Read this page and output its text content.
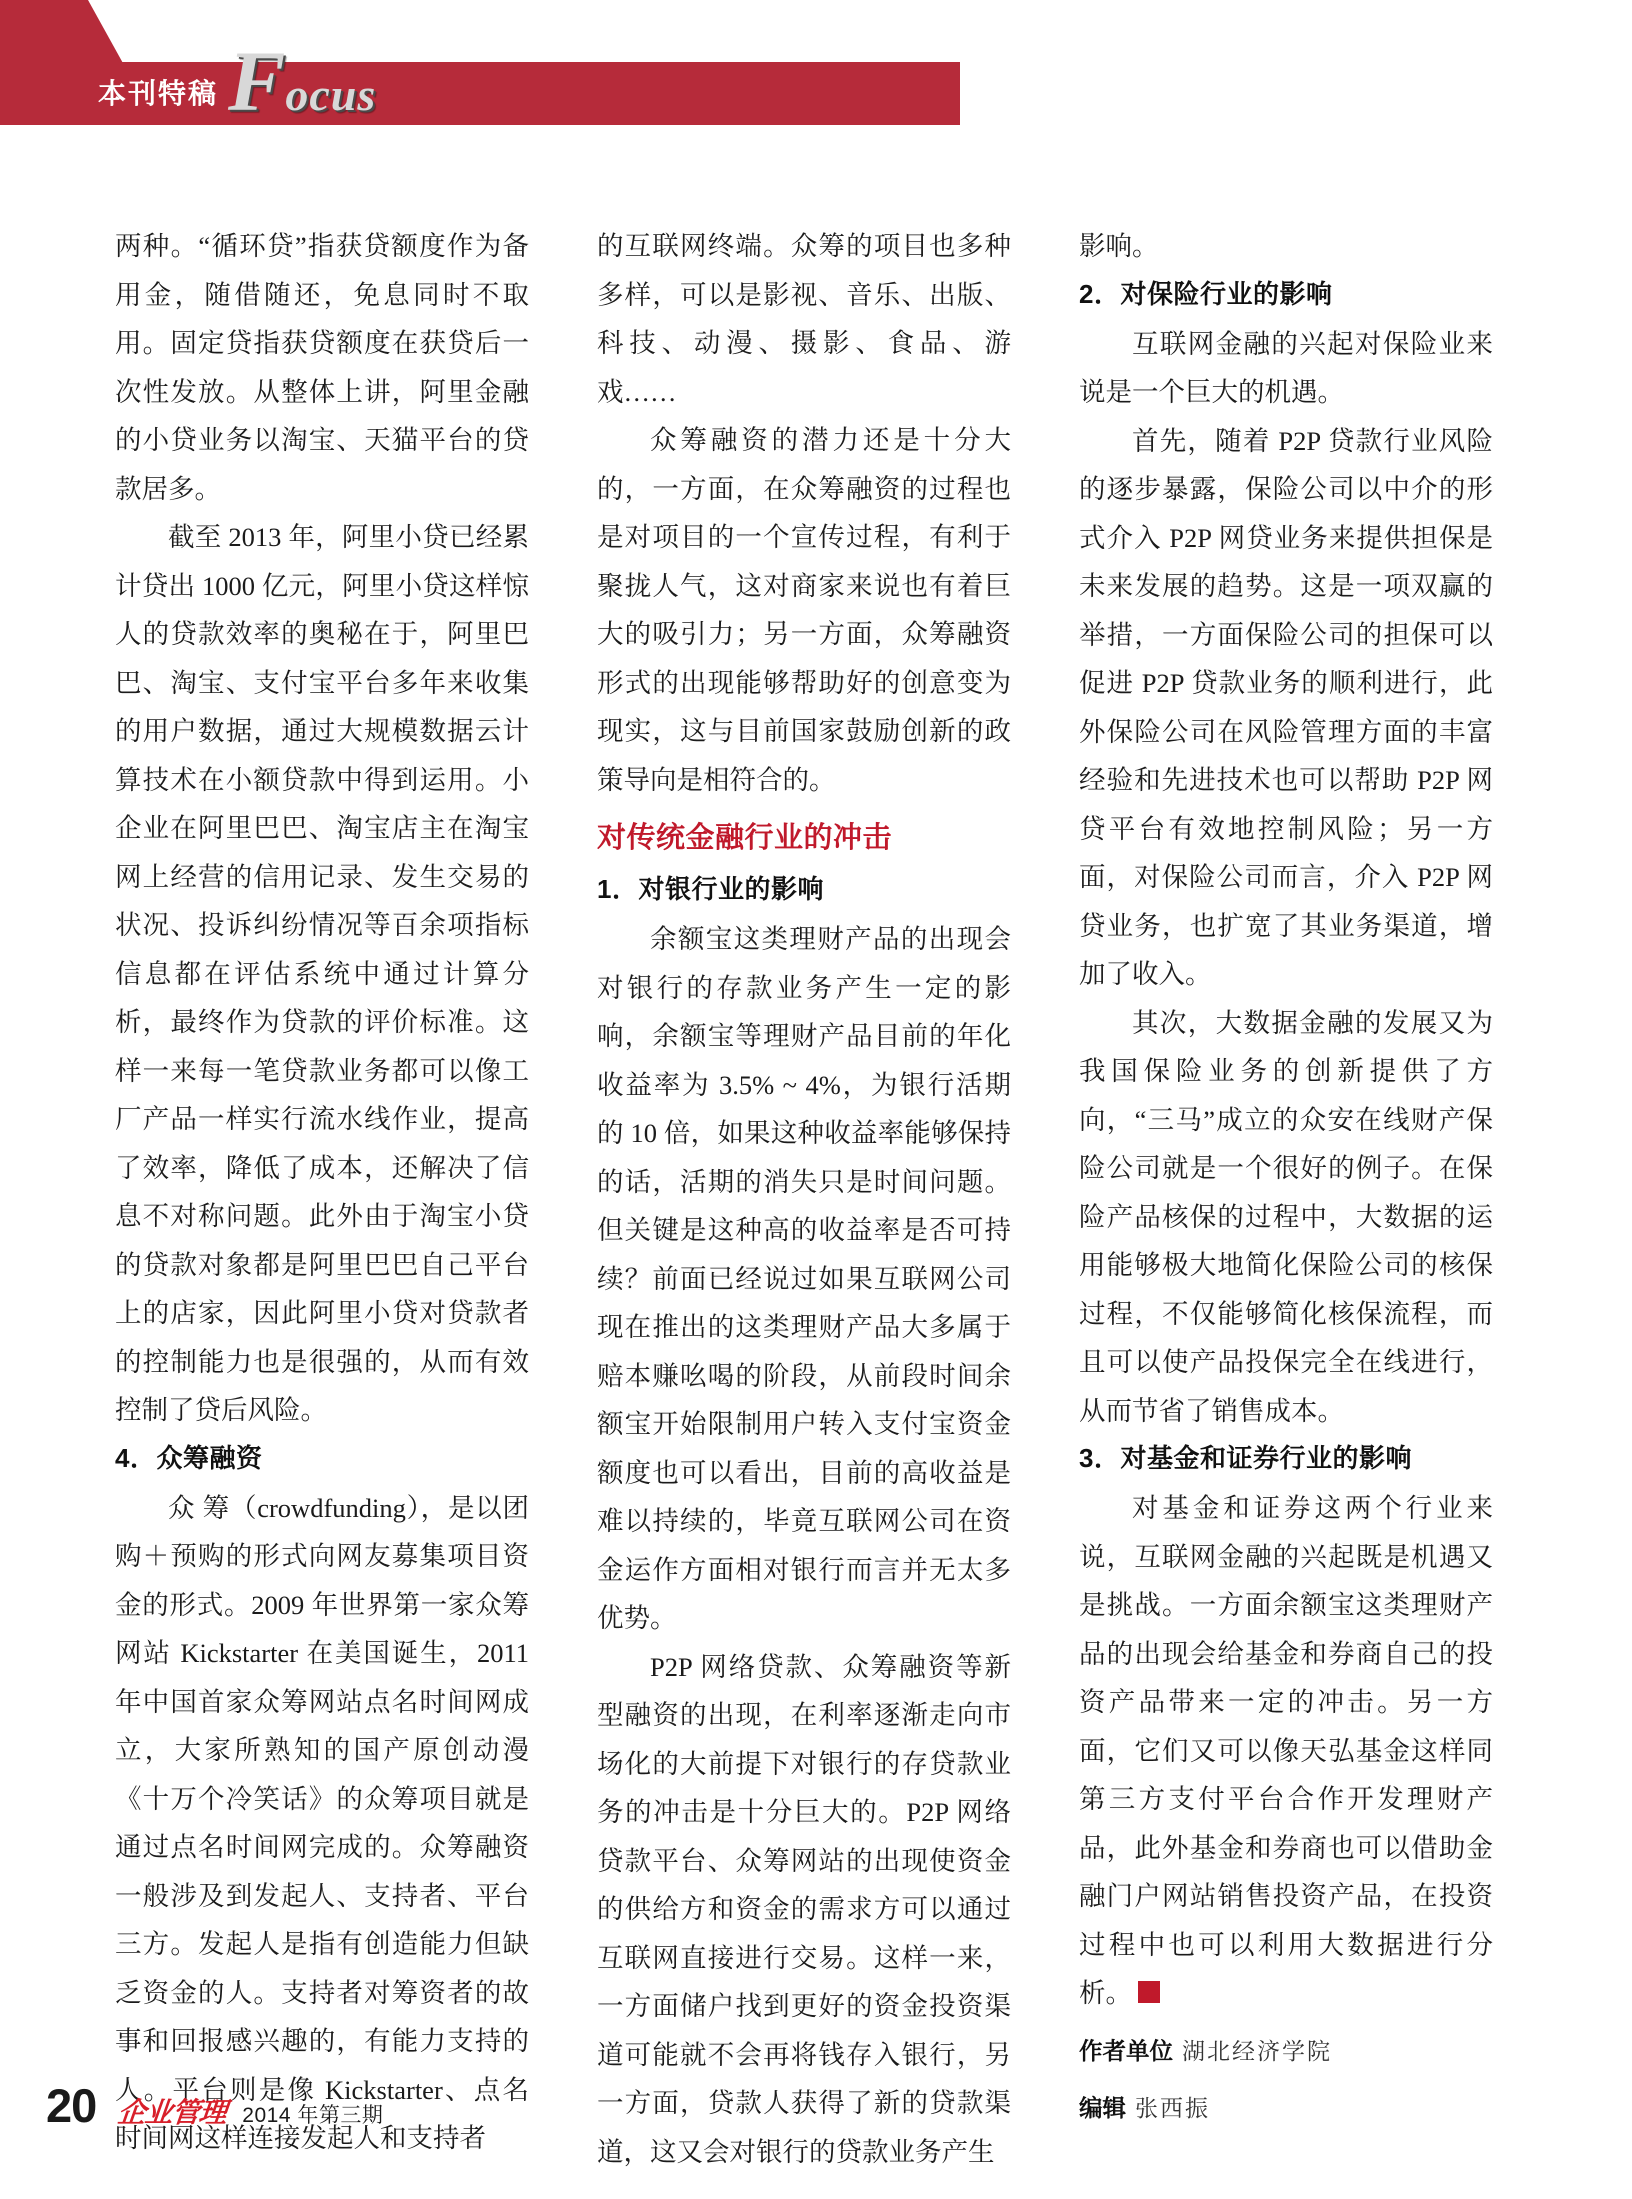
本刊特稿 Focus

两种。“循环贷”指获贷额度作为备用金，随借随还，免息同时不取用。固定贷指获贷额度在获贷后一次性发放。从整体上讲，阿里金融的小贷业务以淘宝、天猫平台的贷款居多。

截至 2013 年，阿里小贷已经累计贷出 1000 亿元，阿里小贷这样惊人的贷款效率的奥秘在于，阿里巴巴、淘宝、支付宝平台多年来收集的用户数据，通过大规模数据云计算技术在小额贷款中得到运用。小企业在阿里巴巴、淘宝店主在淘宝网上经营的信用记录、发生交易的状况、投诉纠纷情况等百余项指标信息都在评估系统中通过计算分析，最终作为贷款的评价标准。这样一来每一笔贷款业务都可以像工厂产品一样实行流水线作业，提高了效率，降低了成本，还解决了信息不对称问题。此外由于淘宝小贷的贷款对象都是阿里巴巴自己平台上的店家，因此阿里小贷对贷款者的控制能力也是很强的，从而有效控制了贷后风险。

4．众筹融资

众 筹（crowdfunding），是以团购＋预购的形式向网友募集项目资金的形式。2009 年世界第一家众筹网站 Kickstarter 在美国诞生，2011 年中国首家众筹网站点名时间网成立，大家所熟知的国产原创动漫《十万个冷笑话》的众筹项目就是通过点名时间网完成的。众筹融资一般涉及到发起人、支持者、平台三方。发起人是指有创造能力但缺乏资金的人。支持者对筹资者的故事和回报感兴趣的，有能力支持的人。平台则是像 Kickstarter、点名时间网这样连接发起人和支持者

的互联网终端。众筹的项目也多种多样，可以是影视、音乐、出版、科技、动漫、摄影、食品、游戏……

众筹融资的潜力还是十分大的，一方面，在众筹融资的过程也是对项目的一个宣传过程，有利于聚拢人气，这对商家来说也有着巨大的吸引力；另一方面，众筹融资形式的出现能够帮助好的创意变为现实，这与目前国家鼓励创新的政策导向是相符合的。

对传统金融行业的冲击
1．对银行业的影响

余额宝这类理财产品的出现会对银行的存款业务产生一定的影响，余额宝等理财产品目前的年化收益率为 3.5% ~ 4%，为银行活期的 10 倍，如果这种收益率能够保持的话，活期的消失只是时间问题。但关键是这种高的收益率是否可持续？前面已经说过如果互联网公司现在推出的这类理财产品大多属于赔本赚吆喝的阶段，从前段时间余额宝开始限制用户转入支付宝资金额度也可以看出，目前的高收益是难以持续的，毕竟互联网公司在资金运作方面相对银行而言并无太多优势。

P2P 网络贷款、众筹融资等新型融资的出现，在利率逐渐走向市场化的大前提下对银行的存贷款业务的冲击是十分巨大的。P2P 网络贷款平台、众筹网站的出现使资金的供给方和资金的需求方可以通过互联网直接进行交易。这样一来，一方面储户找到更好的资金投资渠道可能就不会再将钱存入银行，另一方面，贷款人获得了新的贷款渠道，这又会对银行的贷款业务产生

影响。

2．对保险行业的影响

互联网金融的兴起对保险业来说是一个巨大的机遇。

首先，随着 P2P 贷款行业风险的逐步暴露，保险公司以中介的形式介入 P2P 网贷业务来提供担保是未来发展的趋势。这是一项双赢的举措，一方面保险公司的担保可以促进 P2P 贷款业务的顺利进行，此外保险公司在风险管理方面的丰富经验和先进技术也可以帮助 P2P 网贷平台有效地控制风险；另一方面，对保险公司而言，介入 P2P 网贷业务，也扩宽了其业务渠道，增加了收入。

其次，大数据金融的发展又为我国保险业务的创新提供了方向，“三马”成立的众安在线财产保险公司就是一个很好的例子。在保险产品核保的过程中，大数据的运用能够极大地简化保险公司的核保过程，不仅能够简化核保流程，而且可以使产品投保完全在线进行，从而节省了销售成本。

3．对基金和证券行业的影响

对基金和证券这两个行业来说，互联网金融的兴起既是机遇又是挑战。一方面余额宝这类理财产品的出现会给基金和券商自己的投资产品带来一定的冲击。另一方面，它们又可以像天弘基金这样同第三方支付平台合作开发理财产品，此外基金和券商也可以借助金融门户网站销售投资产品，在投资过程中也可以利用大数据进行分析。

作者单位 湖北经济学院

编辑 张西振

20 企业管理 2014 年第三期
